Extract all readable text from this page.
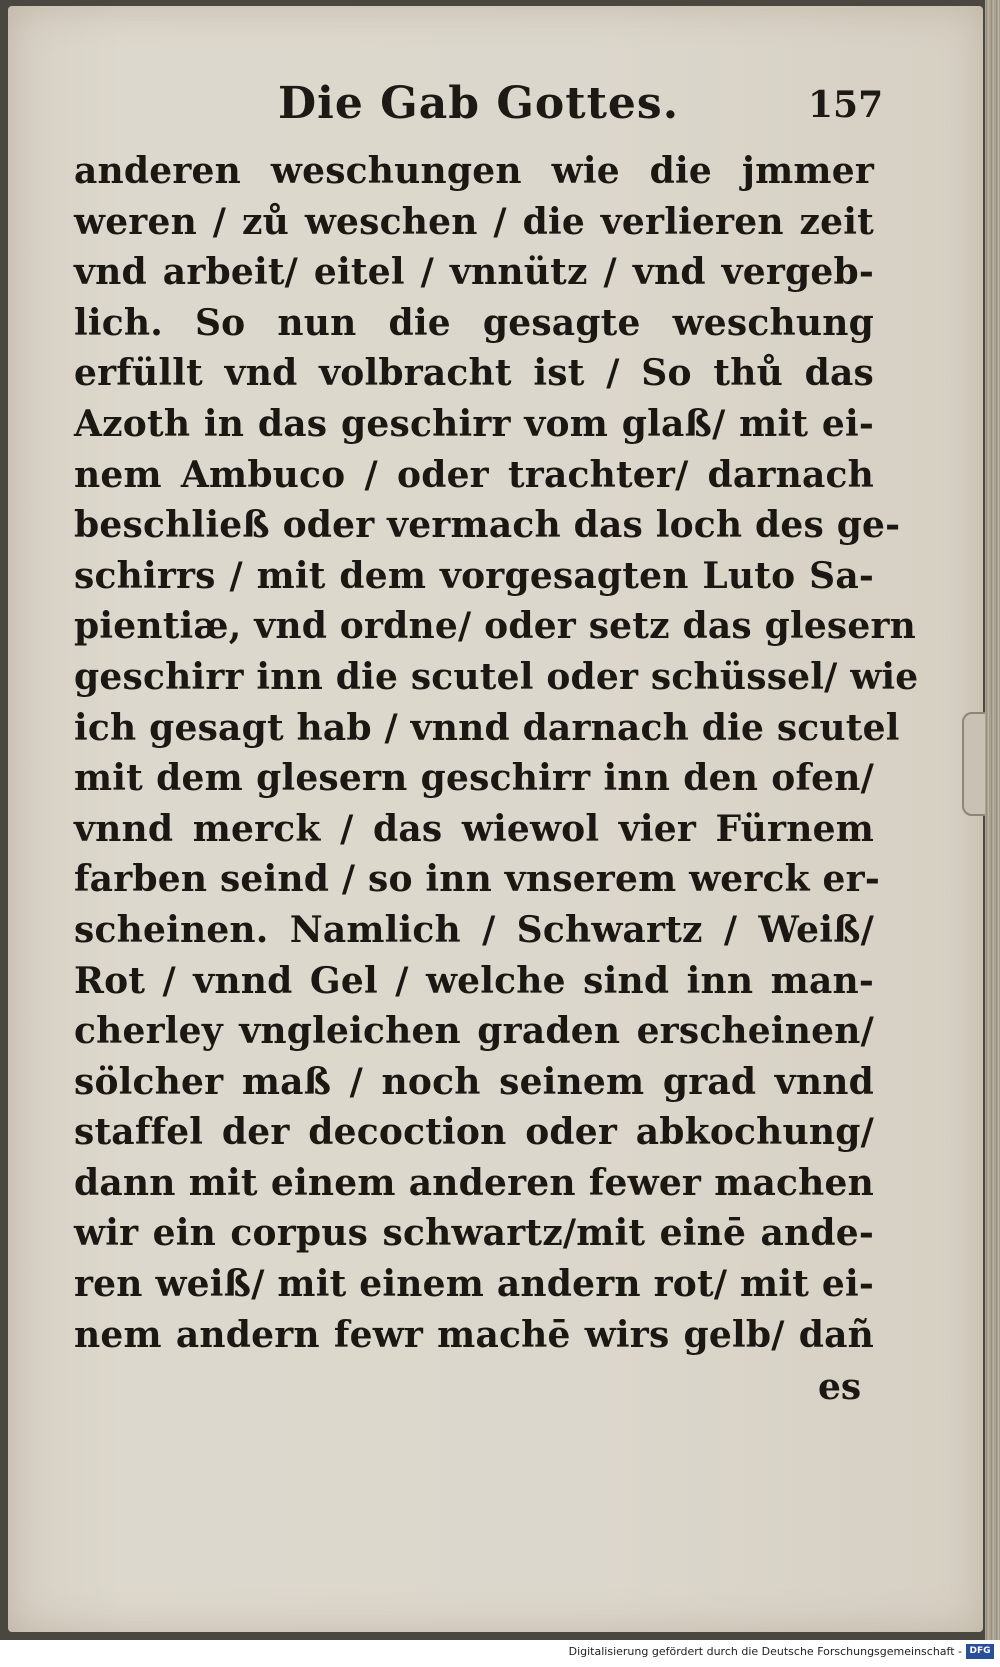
Die Gab Gottes.	157
anderen weschungen wie die jmmer
weren / zů weschen / die verlieren zeit
vnd arbeit/ eitel / vnnütz / vnd vergeb-
lich. So nun die gesagte weschung
erfüllt vnd volbracht ist / So thů das
Azoth in das geschirr vom glaß/ mit ei-
nem Ambuco / oder trachter/ darnach
beschließ oder vermach das loch des ge-
schirrs / mit dem vorgesagten Luto Sa-
pientiæ, vnd ordne/ oder setz das glesern
geschirr inn die scutel oder schüssel/ wie
ich gesagt hab / vnnd darnach die scutel
mit dem glesern geschirr inn den ofen/
vnnd merck / das wiewol vier Fürnem
farben seind / so inn vnserem werck er-
scheinen. Namlich / Schwartz / Weiß/
Rot / vnnd Gel / welche sind inn man-
cherley vngleichen graden erscheinen/
sölcher maß / noch seinem grad vnnd
staffel der decoction oder abkochung/
dann mit einem anderen fewer machen
wir ein corpus schwartz/mit einē ande-
ren weiß/ mit einem andern rot/ mit ei-
nem andern fewr machē wirs gelb/ dañ
es
Digitalisierung gefördert durch die Deutsche Forschungsgemeinschaft - DFG
